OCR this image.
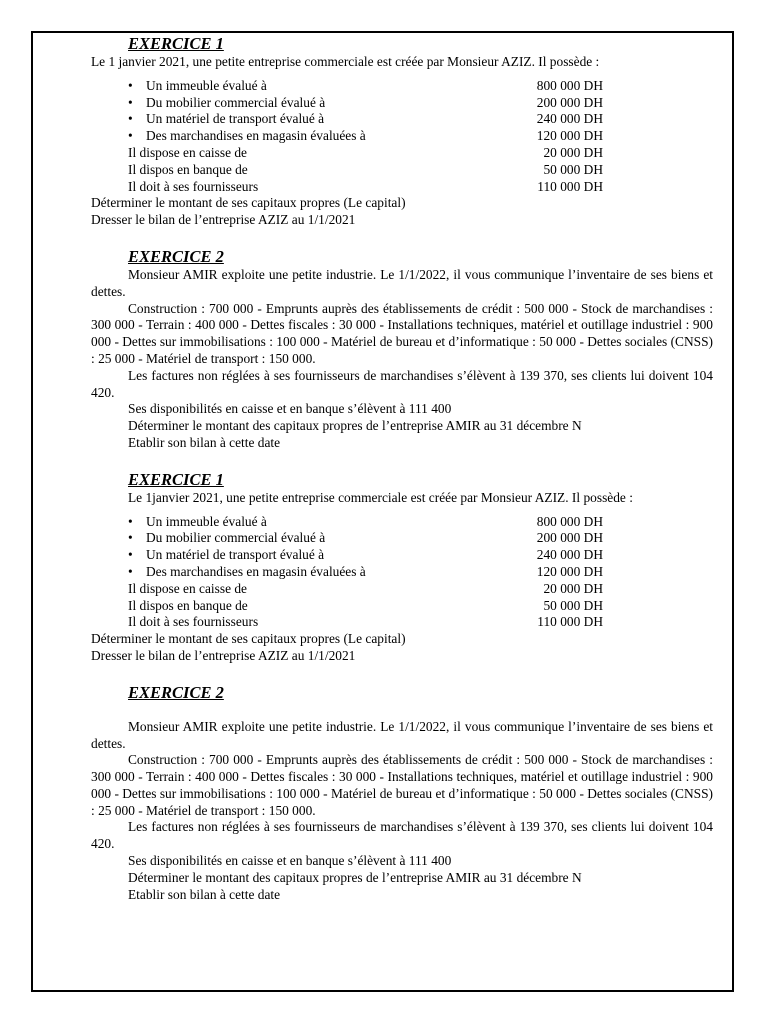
EXERCICE 1

Le 1 janvier 2021, une petite entreprise commerciale est créée par Monsieur AZIZ. Il possède :

• Un immeuble évalué à	800 000 DH
• Du mobilier commercial évalué à	200 000 DH
• Un matériel de transport évalué à	240 000 DH
• Des marchandises en magasin évaluées à	120 000 DH
Il dispose en caisse de	20 000 DH
Il dispos en banque de	50 000 DH
Il doit à ses fournisseurs	110 000 DH

Déterminer le montant de ses capitaux propres (Le capital)

Dresser le bilan de l’entreprise AZIZ au 1/1/2021

EXERCICE 2

Monsieur AMIR exploite une petite industrie. Le 1/1/2022, il vous communique l’inventaire de ses biens et dettes.

Construction : 700 000 - Emprunts auprès des établissements de crédit : 500 000 - Stock de marchandises : 300 000 - Terrain : 400 000 - Dettes fiscales : 30 000 - Installations techniques, matériel et outillage industriel : 900 000 - Dettes sur immobilisations : 100 000 - Matériel de bureau et d’informatique : 50 000 - Dettes sociales (CNSS) : 25 000 - Matériel de transport : 150 000.

Les factures non réglées à ses fournisseurs de marchandises s’élèvent à 139 370, ses clients lui doivent 104 420.

Ses disponibilités en caisse et en banque s’élèvent à 111 400

Déterminer le montant des capitaux propres de l’entreprise AMIR au 31 décembre N

Etablir son bilan à cette date

EXERCICE 1

Le 1janvier 2021, une petite entreprise commerciale est créée par Monsieur AZIZ. Il possède :

• Un immeuble évalué à	800 000 DH
• Du mobilier commercial évalué à	200 000 DH
• Un matériel de transport évalué à	240 000 DH
• Des marchandises en magasin évaluées à	120 000 DH
Il dispose en caisse de	20 000 DH
Il dispos en banque de	50 000 DH
Il doit à ses fournisseurs	110 000 DH

Déterminer le montant de ses capitaux propres (Le capital)

Dresser le bilan de l’entreprise AZIZ au 1/1/2021

EXERCICE 2

Monsieur AMIR exploite une petite industrie. Le 1/1/2022, il vous communique l’inventaire de ses biens et dettes.

Construction : 700 000 - Emprunts auprès des établissements de crédit : 500 000 - Stock de marchandises : 300 000 - Terrain : 400 000 - Dettes fiscales : 30 000 - Installations techniques, matériel et outillage industriel : 900 000 - Dettes sur immobilisations : 100 000 - Matériel de bureau et d’informatique : 50 000 - Dettes sociales (CNSS) : 25 000 - Matériel de transport : 150 000.

Les factures non réglées à ses fournisseurs de marchandises s’élèvent à 139 370, ses clients lui doivent 104 420.

Ses disponibilités en caisse et en banque s’élèvent à 111 400

Déterminer le montant des capitaux propres de l’entreprise AMIR au 31 décembre N

Etablir son bilan à cette date
